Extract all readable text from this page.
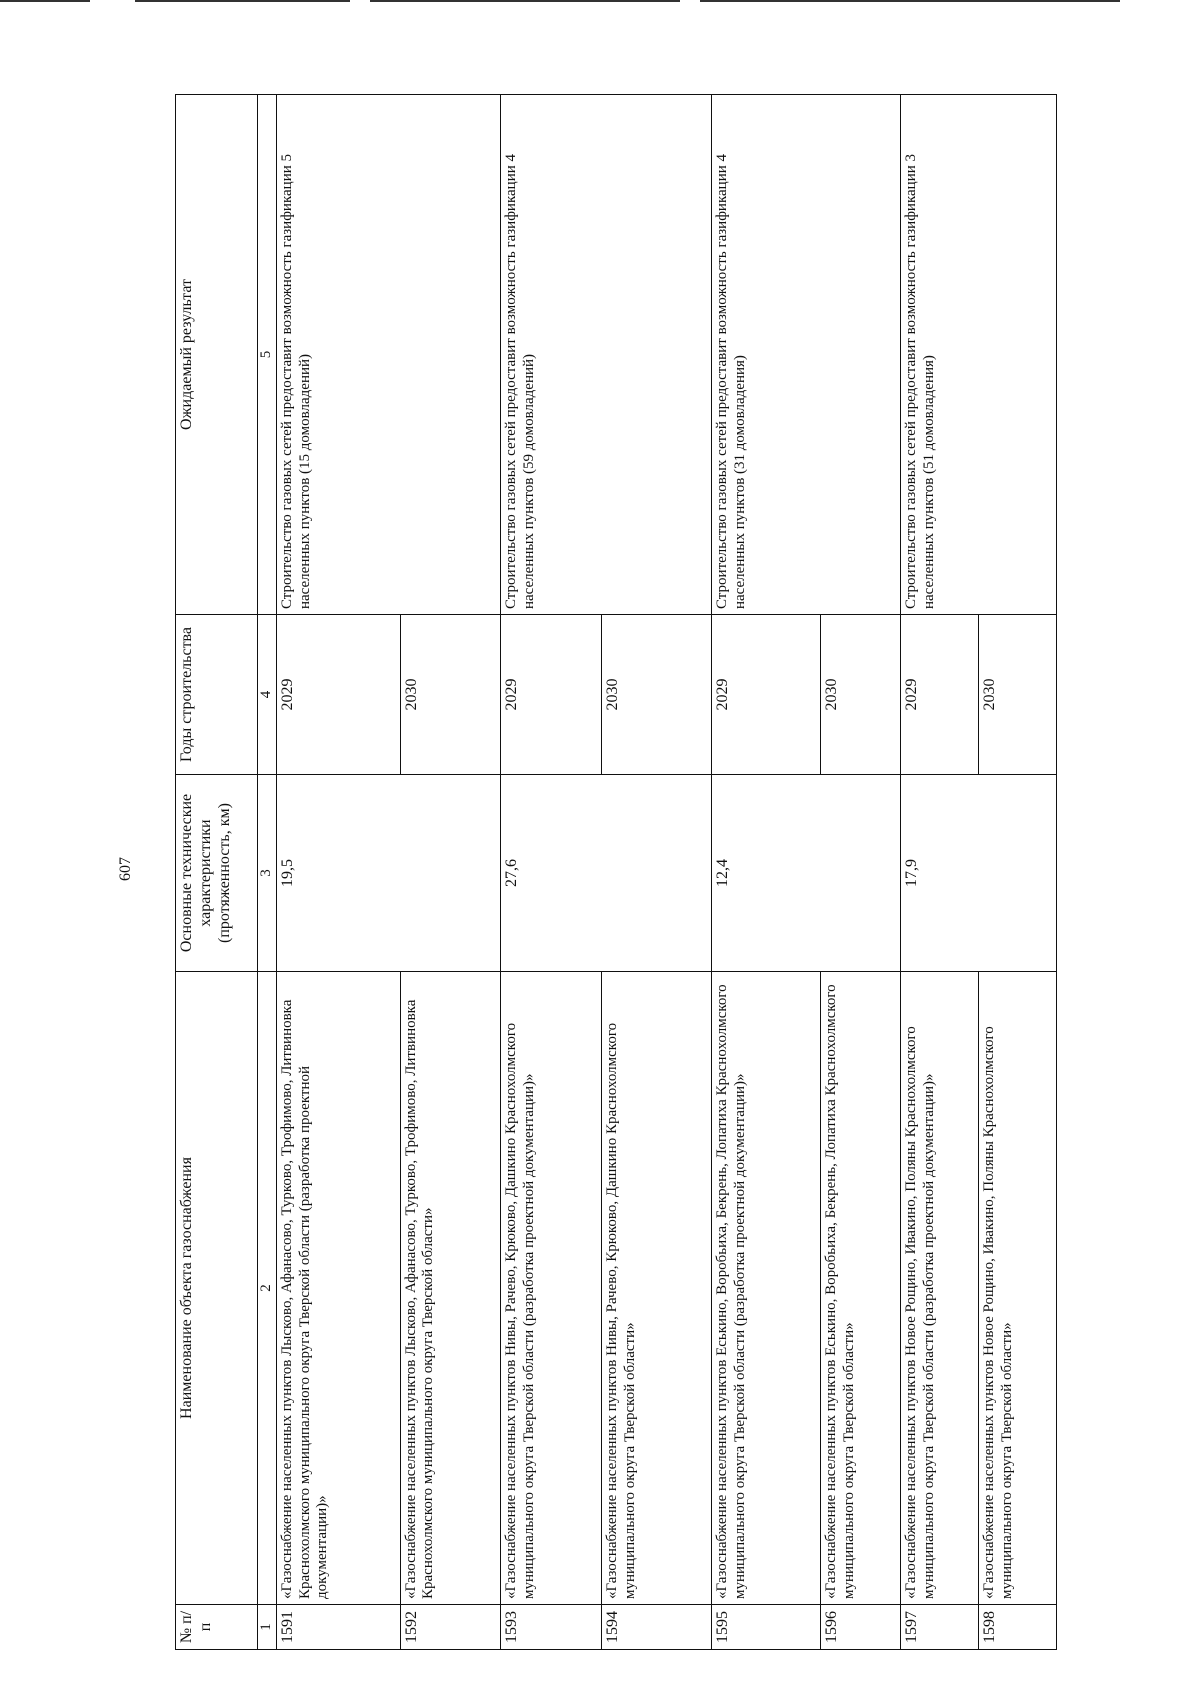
607
№ п/п	Наименование объекта газоснабжения	Основные технические характеристики (протяженность, км)	Годы строительства	Ожидаемый результат
1	2	3	4	5
1591	«Газоснабжение населенных пунктов Лысково, Афанасово, Турково, Трофимово, Литвиновка Краснохолмского муниципального округа Тверской области (разработка проектной документации)»	19,5	2029	Строительство газовых сетей предоставит возможность газификации 5 населенных пунктов (15 домовладений)
1592	«Газоснабжение населенных пунктов Лысково, Афанасово, Турково, Трофимово, Литвиновка Краснохолмского муниципального округа Тверской области»		2030	
1593	«Газоснабжение населенных пунктов Нивы, Рачево, Крюково, Дашкино Краснохолмского муниципального округа Тверской области (разработка проектной документации)»	27,6	2029	Строительство газовых сетей предоставит возможность газификации 4 населенных пунктов (59 домовладений)
1594	«Газоснабжение населенных пунктов Нивы, Рачево, Крюково, Дашкино Краснохолмского муниципального округа Тверской области»		2030	
1595	«Газоснабжение населенных пунктов Еськино, Воробьиха, Бекрень, Лопатиха Краснохолмского муниципального округа Тверской области (разработка проектной документации)»	12,4	2029	Строительство газовых сетей предоставит возможность газификации 4 населенных пунктов (31 домовладения)
1596	«Газоснабжение населенных пунктов Еськино, Воробьиха, Бекрень, Лопатиха Краснохолмского муниципального округа Тверской области»		2030	
1597	«Газоснабжение населенных пунктов Новое Рощино, Ивакино, Поляны Краснохолмского муниципального округа Тверской области (разработка проектной документации)»	17,9	2029	Строительство газовых сетей предоставит возможность газификации 3 населенных пунктов (51 домовладения)
1598	«Газоснабжение населенных пунктов Новое Рощино, Ивакино, Поляны Краснохолмского муниципального округа Тверской области»		2030	
